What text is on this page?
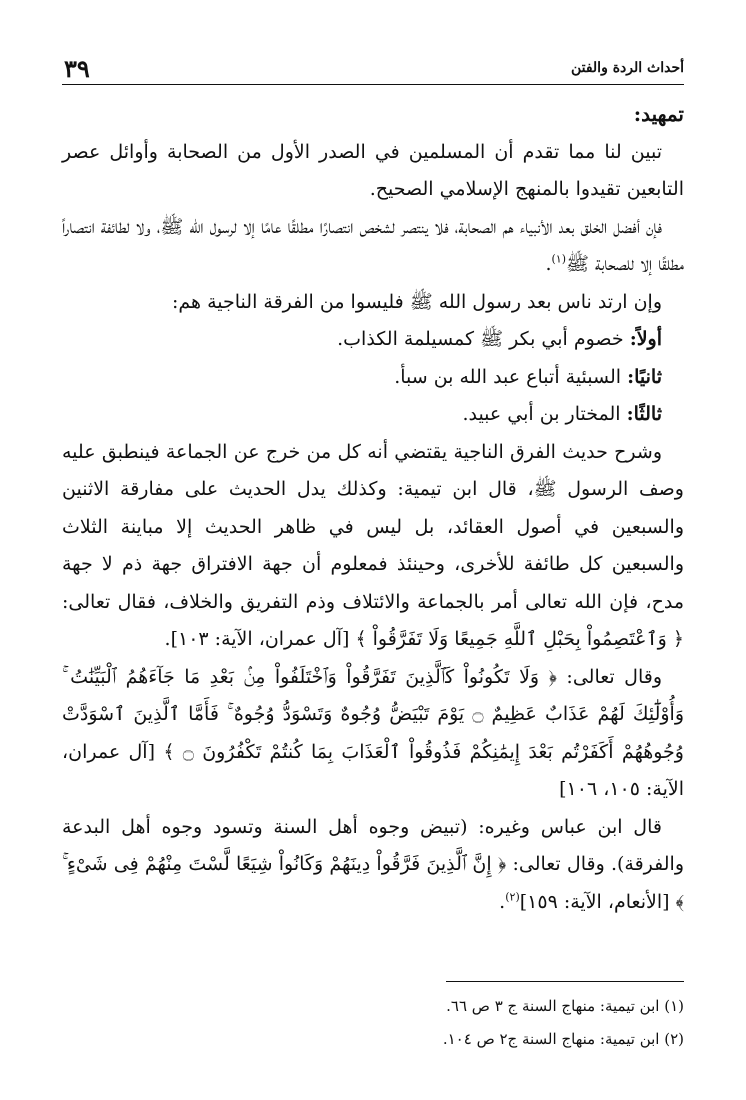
أحداث الردة والفتن
٣٩

تمهيد:

تبين لنا مما تقدم أن المسلمين في الصدر الأول من الصحابة وأوائل عصر التابعين تقيدوا بالمنهج الإسلامي الصحيح.

فإن أفضل الخلق بعد الأنبياء هم الصحابة، فلا ينتصر لشخص انتصارًا مطلقًا عامًا إلا لرسول الله ﷺ، ولا لطائفة انتصاراً مطلقًا إلا للصحابة ﷺ$^{(١)}$.

وإن ارتد ناس بعد رسول الله ﷺ فليسوا من الفرقة الناجية هم:

أولاً: خصوم أبي بكر ﷺ كمسيلمة الكذاب.

ثانيًا: السبئية أتباع عبد الله بن سبأ.

ثالثًا: المختار بن أبي عبيد.

وشرح حديث الفرق الناجية يقتضي أنه كل من خرج عن الجماعة فينطبق عليه وصف الرسول ﷺ، قال ابن تيمية: وكذلك يدل الحديث على مفارقة الاثنين والسبعين في أصول العقائد، بل ليس في ظاهر الحديث إلا مباينة الثلاث والسبعين كل طائفة للأخرى، وحينئذ فمعلوم أن جهة الافتراق جهة ذم لا جهة مدح، فإن الله تعالى أمر بالجماعة والائتلاف وذم التفريق والخلاف، فقال تعالى: ﴿ وَٱعْتَصِمُواْ بِحَبْلِ ٱللَّهِ جَمِيعًا وَلَا تَفَرَّقُواْ ﴾ [آل عمران، الآية: ١٠٣].

وقال تعالى: ﴿ وَلَا تَكُونُواْ كَٱلَّذِينَ تَفَرَّقُواْ وَٱخْتَلَفُواْ مِنۢ بَعْدِ مَا جَآءَهُمُ ٱلْبَيِّنَٰتُ ۚ وَأُوْلَٰٓئِكَ لَهُمْ عَذَابٌ عَظِيمٌ ۝ يَوْمَ تَبْيَضُّ وُجُوهٌ وَتَسْوَدُّ وُجُوهٌ ۚ فَأَمَّا ٱلَّذِينَ ٱسْوَدَّتْ وُجُوهُهُمْ أَكَفَرْتُم بَعْدَ إِيمَٰنِكُمْ فَذُوقُواْ ٱلْعَذَابَ بِمَا كُنتُمْ تَكْفُرُونَ ۝ ﴾ [آل عمران، الآية: ١٠٥، ١٠٦]

قال ابن عباس وغيره: (تبيض وجوه أهل السنة وتسود وجوه أهل البدعة والفرقة). وقال تعالى: ﴿ إِنَّ ٱلَّذِينَ فَرَّقُواْ دِينَهُمْ وَكَانُواْ شِيَعًا لَّسْتَ مِنْهُمْ فِى شَىْءٍ ۚ ﴾ [الأنعام، الآية: ١٥٩]$^{(٢)}$.

(١) ابن تيمية: منهاج السنة ج ٣ ص ٦٦.

(٢) ابن تيمية: منهاج السنة ج٢ ص ١٠٤.
